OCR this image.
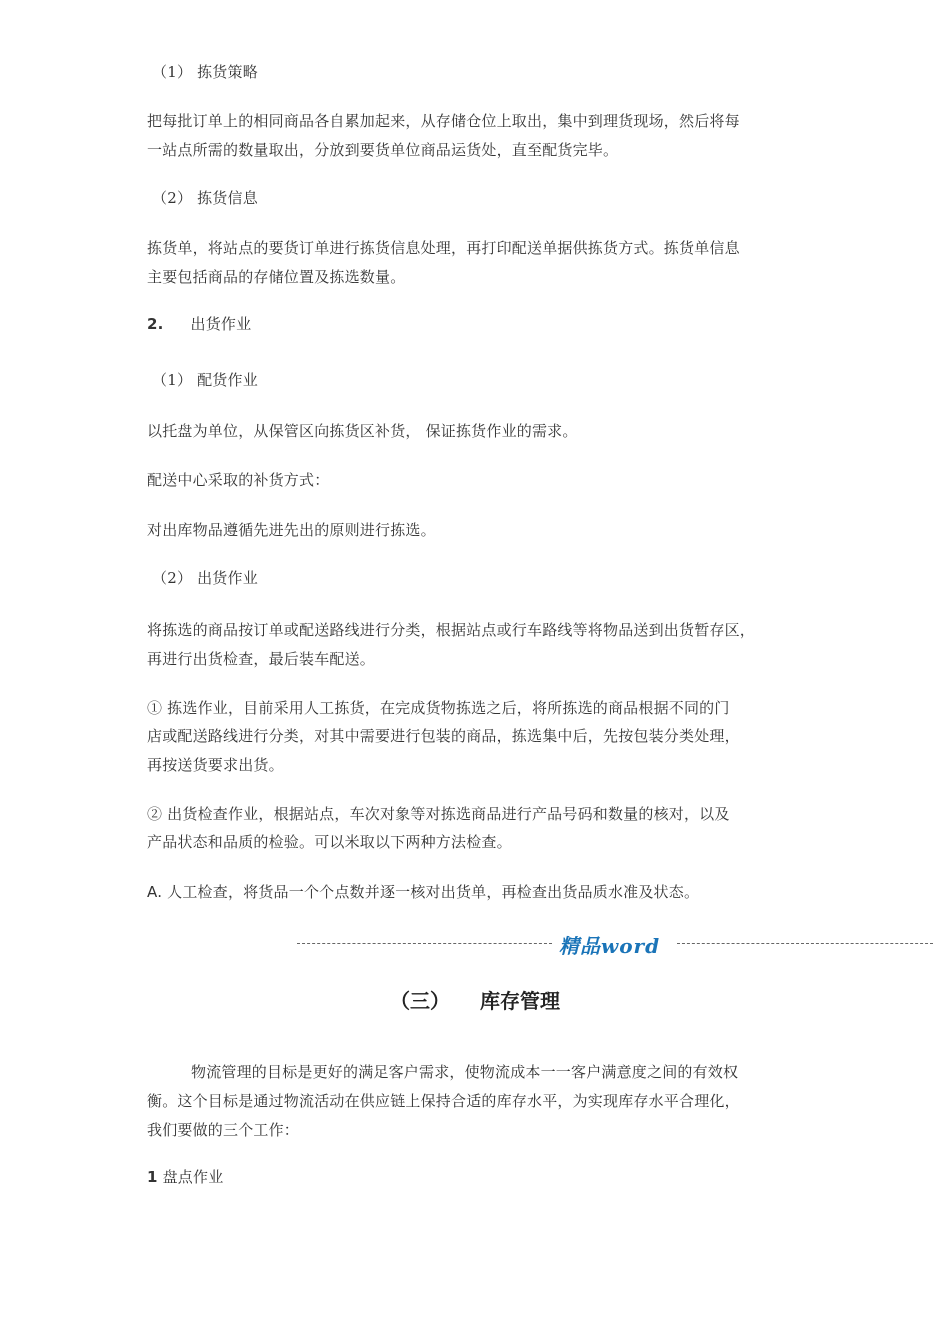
（1） 拣货策略
把每批订单上的相同商品各自累加起来，从存储仓位上取出，集中到理货现场，然后将每
一站点所需的数量取出，分放到要货单位商品运货处，直至配货完毕。
（2） 拣货信息
拣货单，将站点的要货订单进行拣货信息处理，再打印配送单据供拣货方式。拣货单信息
主要包括商品的存储位置及拣选数量。
2. 出货作业
（1） 配货作业
以托盘为单位，从保管区向拣货区补货， 保证拣货作业的需求。
配送中心采取的补货方式：
对出库物品遵循先进先出的原则进行拣选。
（2） 出货作业
将拣选的商品按订单或配送路线进行分类，根据站点或行车路线等将物品送到出货暂存区，
再进行出货检查，最后装车配送。
① 拣选作业，目前采用人工拣货，在完成货物拣选之后，将所拣选的商品根据不同的门
店或配送路线进行分类，对其中需要进行包装的商品，拣选集中后，先按包装分类处理，
再按送货要求出货。
② 出货检查作业，根据站点，车次对象等对拣选商品进行产品号码和数量的核对，以及
产品状态和品质的检验。可以米取以下两种方法检查。
A. 人工检查，将货品一个个点数并逐一核对出货单，再检查出货品质水准及状态。
精品word
（三） 库存管理
物流管理的目标是更好的满足客户需求，使物流成本一一客户满意度之间的有效权
衡。这个目标是通过物流活动在供应链上保持合适的库存水平，为实现库存水平合理化，
我们要做的三个工作：
1 盘点作业
